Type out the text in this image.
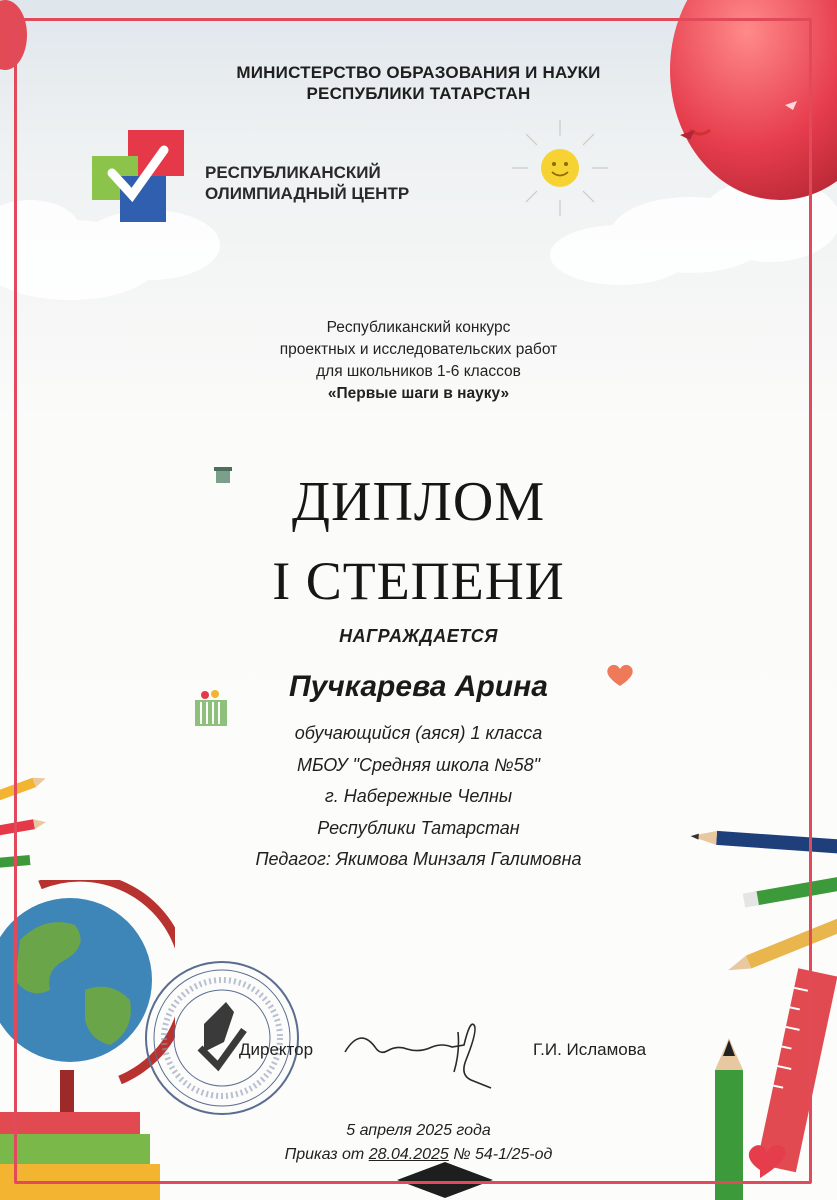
МИНИСТЕРСТВО ОБРАЗОВАНИЯ И НАУКИ
РЕСПУБЛИКИ ТАТАРСТАН
РЕСПУБЛИКАНСКИЙ
ОЛИМПИАДНЫЙ ЦЕНТР
Республиканский конкурс
проектных и исследовательских работ
для школьников 1-6 классов
«Первые шаги в науку»
ДИПЛОМ
I СТЕПЕНИ
НАГРАЖДАЕТСЯ
Пучкарева Арина
обучающийся (аяся) 1 класса
МБОУ "Средняя школа №58"
г. Набережные Челны
Республики Татарстан
Педагог: Якимова Минзаля Галимовна
Директор	Г.И. Исламова
5 апреля 2025 года
Приказ от 28.04.2025 № 54-1/25-од
